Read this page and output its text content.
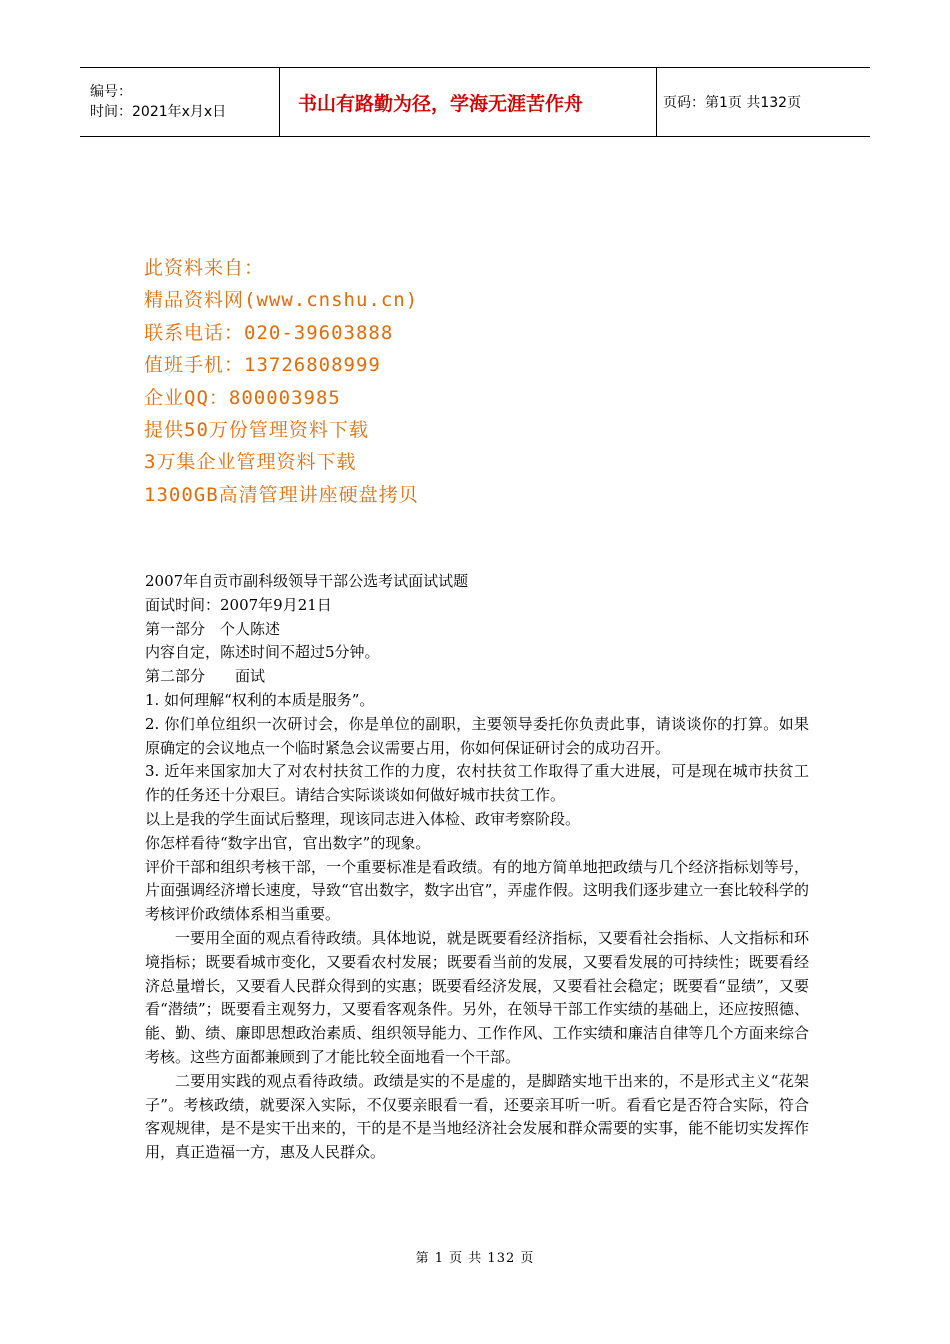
编号：
时间：2021年x月x日	书山有路勤为径，学海无涯苦作舟	页码：第1页 共132页
此资料来自：
精品资料网(www.cnshu.cn)
联系电话：020-39603888
值班手机：13726808999
企业QQ：800003985
提供50万份管理资料下载
3万集企业管理资料下载
1300GB高清管理讲座硬盘拷贝

2007年自贡市副科级领导干部公选考试面试试题

面试时间：2007年9月21日

第一部分　个人陈述

内容自定，陈述时间不超过5分钟。

第二部分　　面试

1. 如何理解“权利的本质是服务”。

2. 你们单位组织一次研讨会，你是单位的副职，主要领导委托你负责此事，请谈谈你的打算。如果原确定的会议地点一个临时紧急会议需要占用，你如何保证研讨会的成功召开。

3. 近年来国家加大了对农村扶贫工作的力度，农村扶贫工作取得了重大进展，可是现在城市扶贫工作的任务还十分艰巨。请结合实际谈谈如何做好城市扶贫工作。

以上是我的学生面试后整理，现该同志进入体检、政审考察阶段。

你怎样看待“数字出官，官出数字”的现象。

评价干部和组织考核干部，一个重要标准是看政绩。有的地方简单地把政绩与几个经济指标划等号，片面强调经济增长速度，导致“官出数字，数字出官”，弄虚作假。这明我们逐步建立一套比较科学的考核评价政绩体系相当重要。

一要用全面的观点看待政绩。具体地说，就是既要看经济指标，又要看社会指标、人文指标和环境指标；既要看城市变化，又要看农村发展；既要看当前的发展，又要看发展的可持续性；既要看经济总量增长，又要看人民群众得到的实惠；既要看经济发展，又要看社会稳定；既要看“显绩”，又要看“潜绩”；既要看主观努力，又要看客观条件。另外，在领导干部工作实绩的基础上，还应按照德、能、勤、绩、廉即思想政治素质、组织领导能力、工作作风、工作实绩和廉洁自律等几个方面来综合考核。这些方面都兼顾到了才能比较全面地看一个干部。

二要用实践的观点看待政绩。政绩是实的不是虚的，是脚踏实地干出来的，不是形式主义“花架子”。考核政绩，就要深入实际，不仅要亲眼看一看，还要亲耳听一听。看看它是否符合实际，符合客观规律，是不是实干出来的，干的是不是当地经济社会发展和群众需要的实事，能不能切实发挥作用，真正造福一方，惠及人民群众。

第 1 页 共 132 页
